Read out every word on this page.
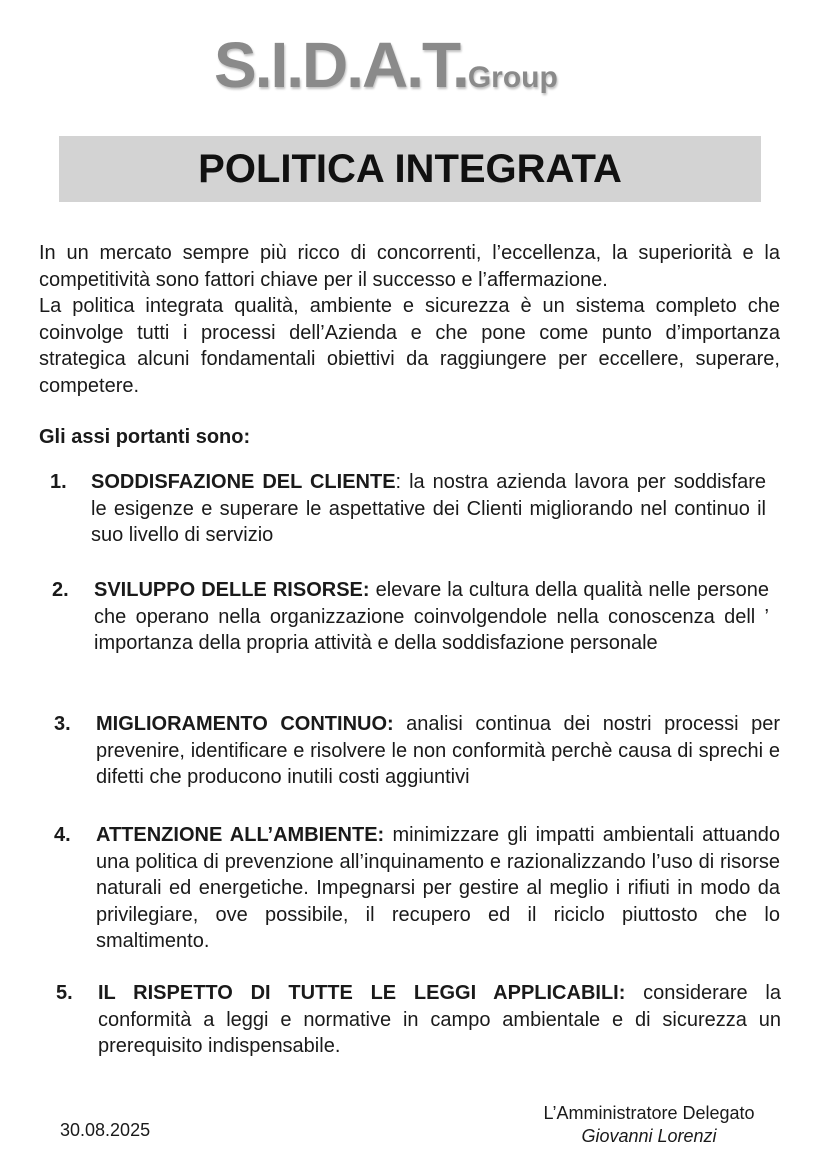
S.I.D.A.T.Group
POLITICA INTEGRATA

In un mercato sempre più ricco di concorrenti, l’eccellenza, la superiorità e la competitività sono fattori chiave per il successo e l’affermazione.

La politica integrata qualità, ambiente e sicurezza è un sistema completo che coinvolge tutti i processi dell’Azienda e che pone come punto d’importanza strategica alcuni fondamentali obiettivi da raggiungere per eccellere, superare, competere.

Gli assi portanti sono:
1. SODDISFAZIONE DEL CLIENTE: la nostra azienda lavora per soddisfare le esigenze e superare le aspettative dei Clienti migliorando nel continuo il suo livello di servizio

2. SVILUPPO DELLE RISORSE: elevare la cultura della qualità nelle persone che operano nella organizzazione coinvolgendole nella conoscenza dell ’ importanza della propria attività e della soddisfazione personale

3. MIGLIORAMENTO CONTINUO: analisi continua dei nostri processi per prevenire, identificare e risolvere le non conformità perchè causa di sprechi e difetti che producono inutili costi aggiuntivi

4. ATTENZIONE ALL’AMBIENTE: minimizzare gli impatti ambientali attuando una politica di prevenzione all’inquinamento e razionalizzando l’uso di risorse naturali ed energetiche. Impegnarsi per gestire al meglio i rifiuti in modo da privilegiare, ove possibile, il recupero ed il riciclo piuttosto che lo smaltimento.

5. IL RISPETTO DI TUTTE LE LEGGI APPLICABILI: considerare la conformità a leggi e normative in campo ambientale e di sicurezza un prerequisito indispensabile.

30.08.2025
L’Amministratore Delegato
Giovanni Lorenzi
